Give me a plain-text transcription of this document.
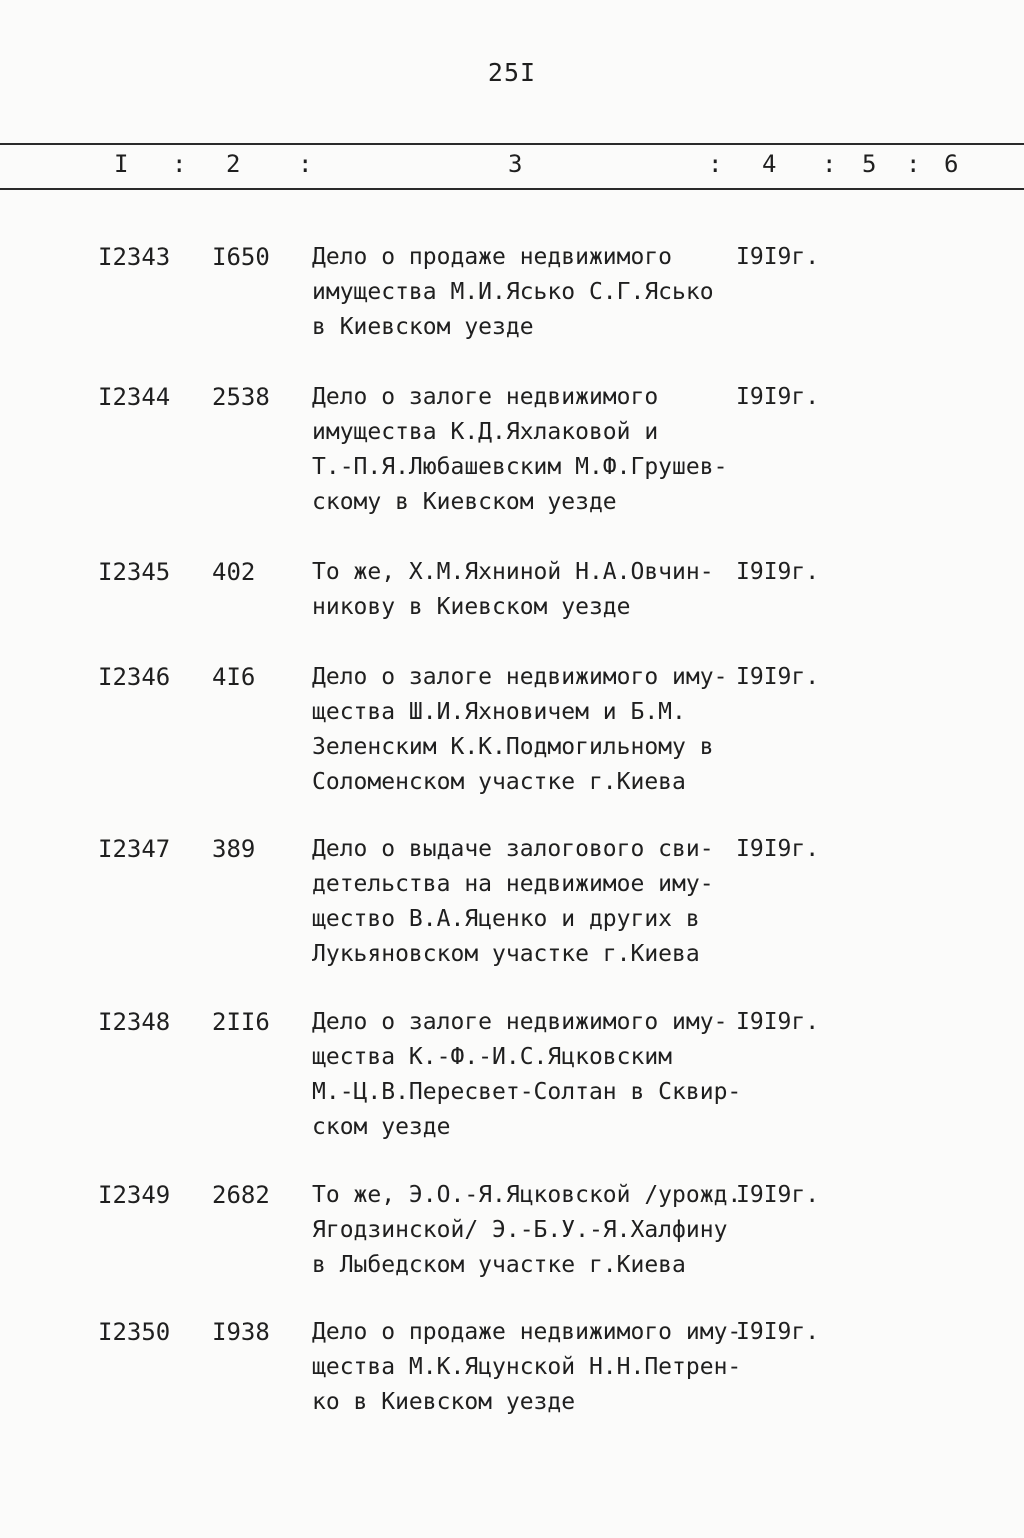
25I
I : 2 :	3	: 4 : 5 : 6
I2343 I650 Дело о продаже недвижимого
имущества М.И.Ясько С.Г.Ясько
в Киевском уезде
I9I9г.
I2344 2538 Дело о залоге недвижимого
имущества К.Д.Яхлаковой и
Т.-П.Я.Любашевским М.Ф.Грушев-
скому в Киевском уезде
I9I9г.
I2345 402 То же, Х.М.Яхниной Н.А.Овчин-
никову в Киевском уезде
I9I9г.
I2346 4I6 Дело о залоге недвижимого иму-
щества Ш.И.Яхновичем и Б.М.
Зеленским К.К.Подмогильному в
Соломенском участке г.Киева
I9I9г.
I2347 389 Дело о выдаче залогового сви-
детельства на недвижимое иму-
щество В.А.Яценко и других в
Лукьяновском участке г.Киева
I9I9г.
I2348 2II6 Дело о залоге недвижимого иму-
щества К.-Ф.-И.С.Яцковским
М.-Ц.В.Пересвет-Солтан в Сквир-
ском уезде
I9I9г.
I2349 2682 То же, Э.О.-Я.Яцковской /урожд.
Ягодзинской/ Э.-Б.У.-Я.Халфину
в Лыбедском участке г.Киева
I9I9г.
I2350 I938 Дело о продаже недвижимого иму-
щества М.К.Яцунской Н.Н.Петрен-
ко в Киевском уезде
I9I9г.
